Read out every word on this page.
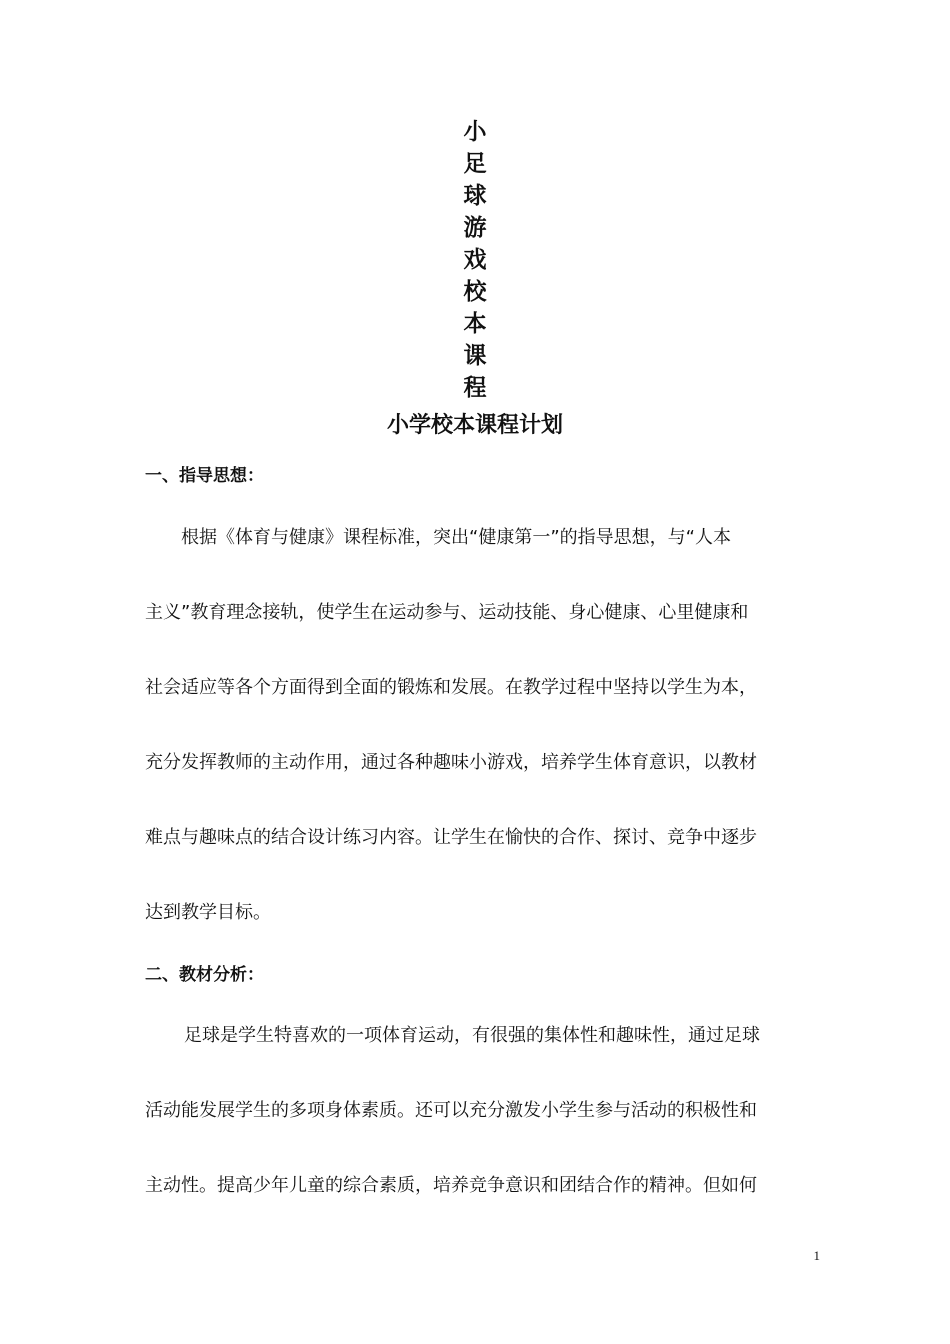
小
足
球
游
戏
校
本
课
程
小学校本课程计划
一、指导思想：
根据《体育与健康》课程标准，突出“健康第一”的指导思想，与“人本
主义”教育理念接轨，使学生在运动参与、运动技能、身心健康、心里健康和
社会适应等各个方面得到全面的锻炼和发展。在教学过程中坚持以学生为本，
充分发挥教师的主动作用，通过各种趣味小游戏，培养学生体育意识，以教材
难点与趣味点的结合设计练习内容。让学生在愉快的合作、探讨、竞争中逐步
达到教学目标。
二、教材分析：
足球是学生特喜欢的一项体育运动，有很强的集体性和趣味性，通过足球
活动能发展学生的多项身体素质。还可以充分激发小学生参与活动的积极性和
主动性。提高少年儿童的综合素质，培养竞争意识和团结合作的精神。但如何

1
